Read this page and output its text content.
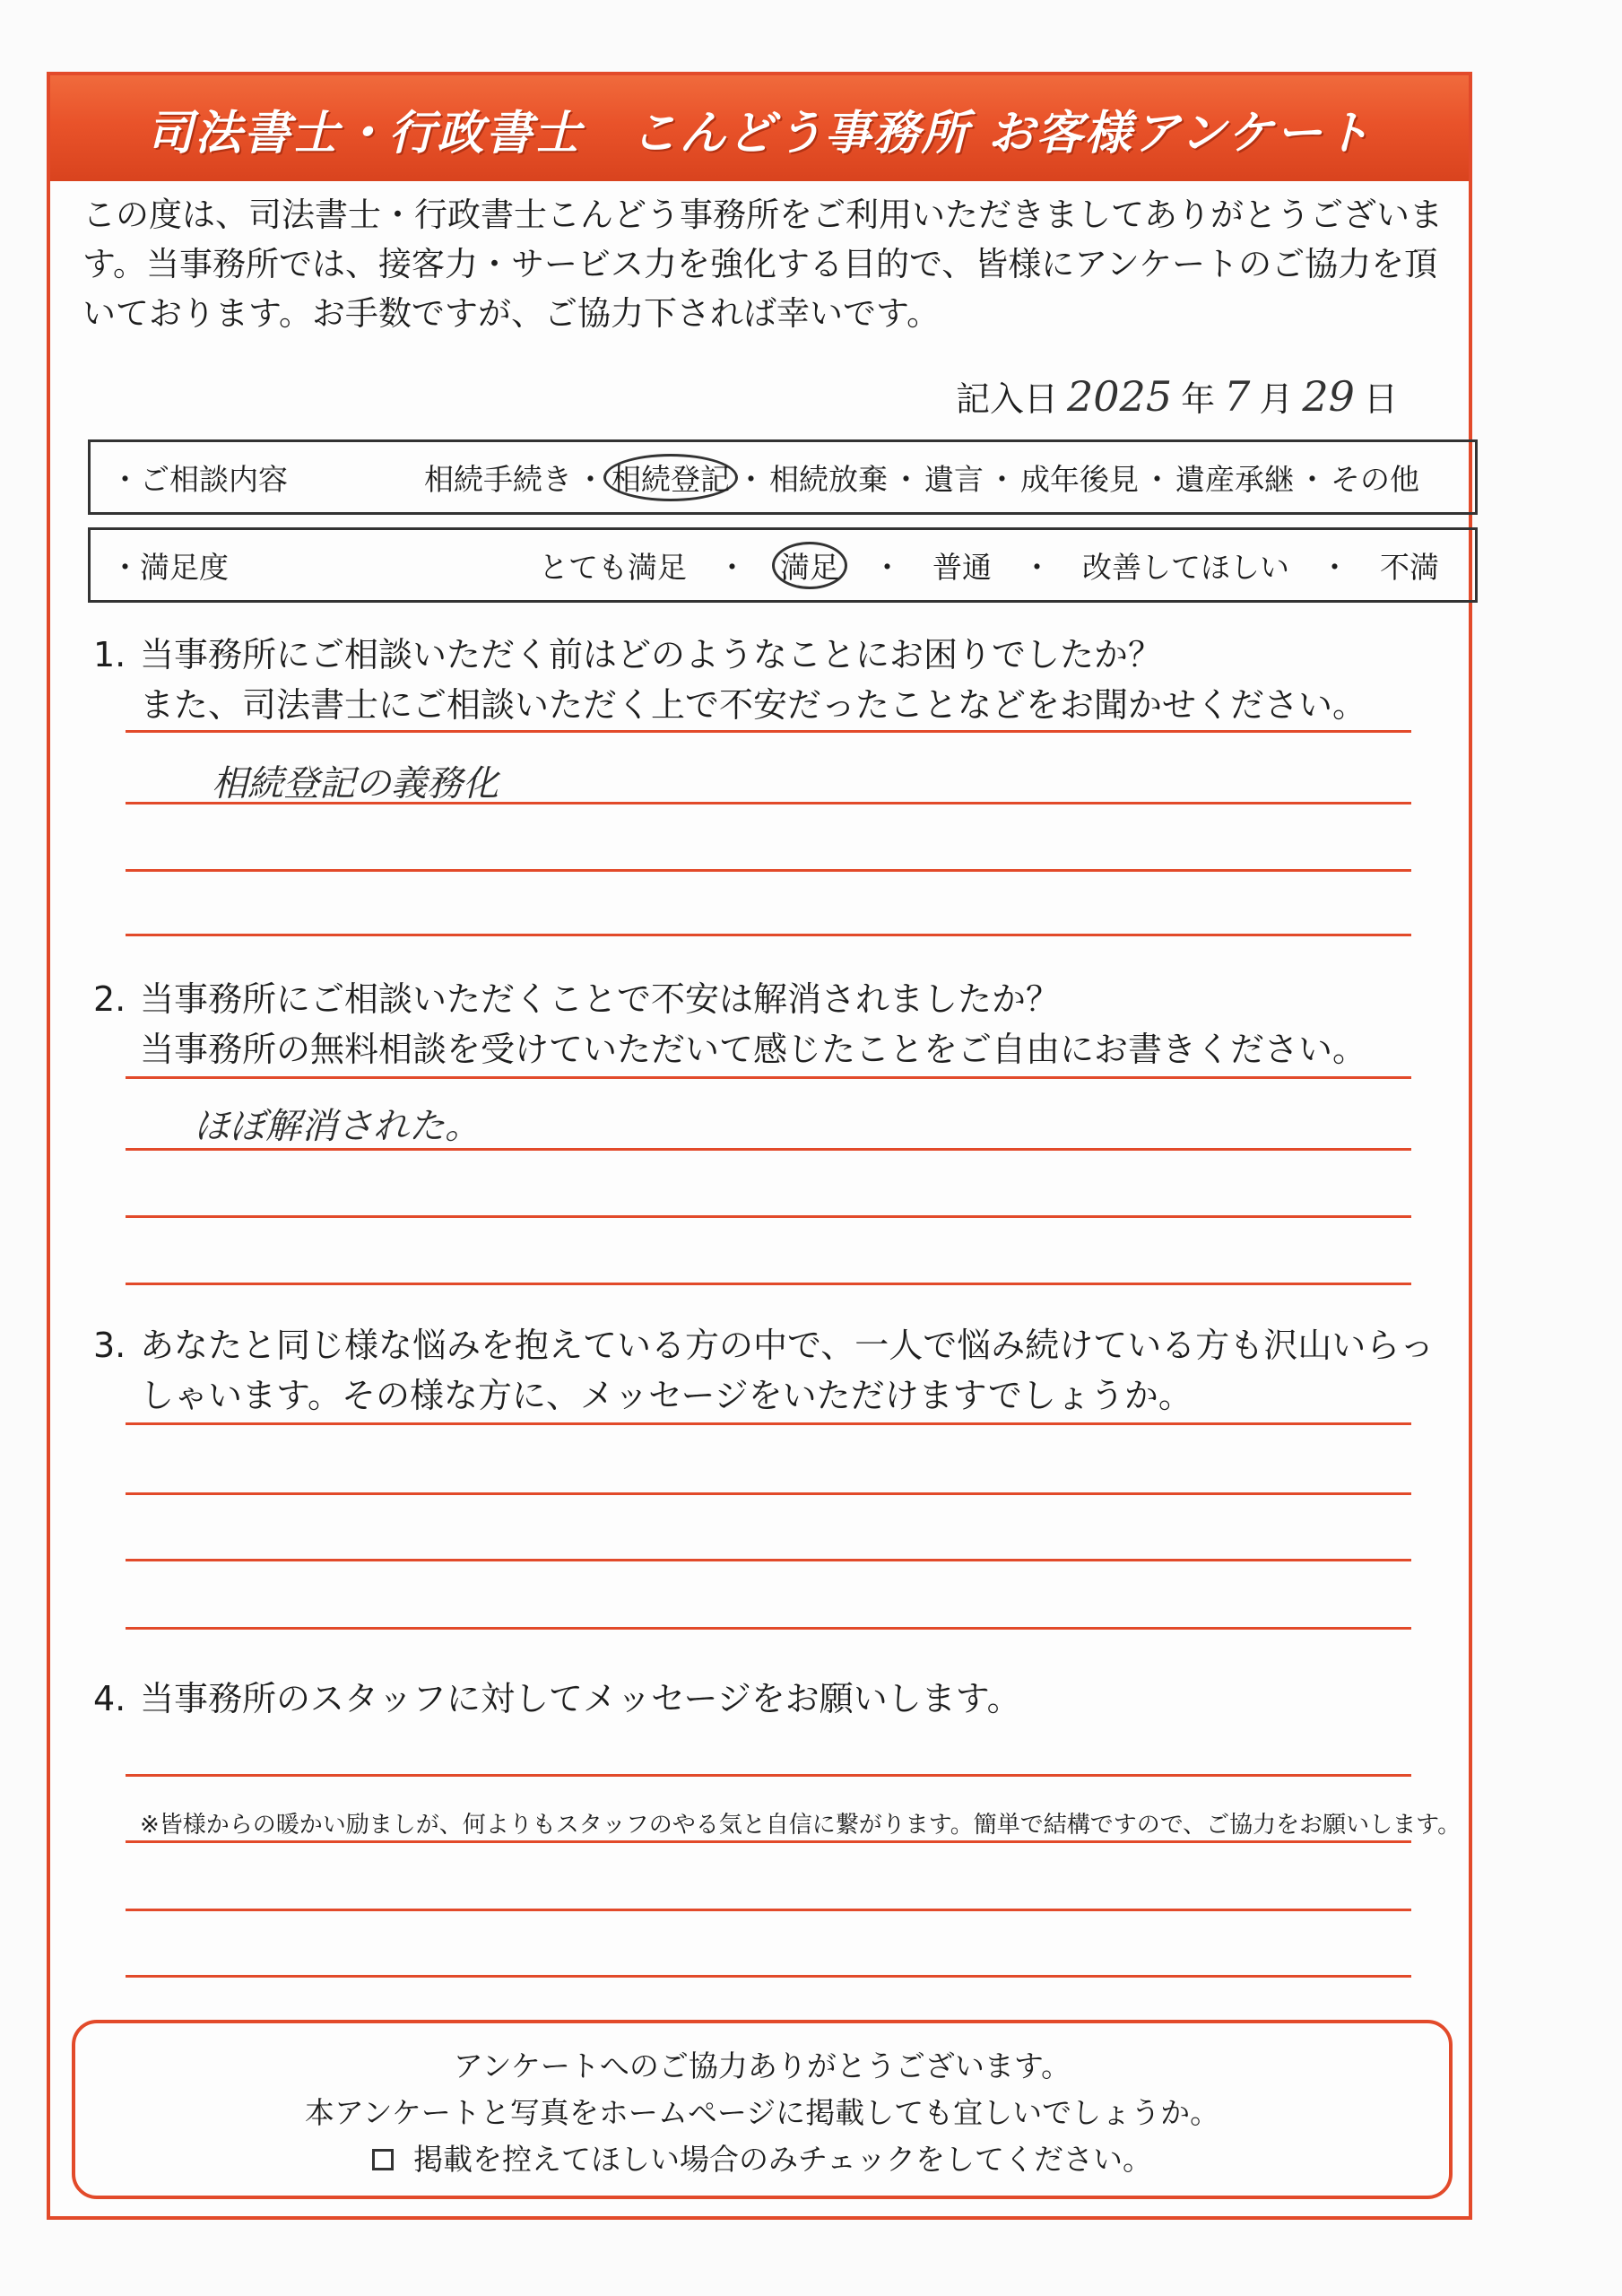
司法書士・行政書士　こんどう事務所 お客様アンケート
この度は、司法書士・行政書士こんどう事務所をご利用いただきましてありがとうございます。当事務所では、接客力・サービス力を強化する目的で、皆様にアンケートのご協力を頂いております。お手数ですが、ご協力下されば幸いです。
記入日 2025 年 7 月 29 日
・ご相談内容	相続手続き ・ 相続登記 ・ 相続放棄 ・ 遺言 ・ 成年後見 ・ 遺産承継 ・ その他
・満足度	とても満足 ・ 満足 ・ 普通 ・ 改善してほしい ・ 不満
1. 当事務所にご相談いただく前はどのようなことにお困りでしたか？
また、司法書士にご相談いただく上で不安だったことなどをお聞かせください。
相続登記の義務化
2. 当事務所にご相談いただくことで不安は解消されましたか？
当事務所の無料相談を受けていただいて感じたことをご自由にお書きください。
ほぼ解消された。
3. あなたと同じ様な悩みを抱えている方の中で、一人で悩み続けている方も沢山いらっしゃいます。その様な方に、メッセージをいただけますでしょうか。
4. 当事務所のスタッフに対してメッセージをお願いします。
※皆様からの暖かい励ましが、何よりもスタッフのやる気と自信に繋がります。簡単で結構ですので、ご協力をお願いします。
アンケートへのご協力ありがとうございます。
本アンケートと写真をホームページに掲載しても宜しいでしょうか。
掲載を控えてほしい場合のみチェックをしてください。
